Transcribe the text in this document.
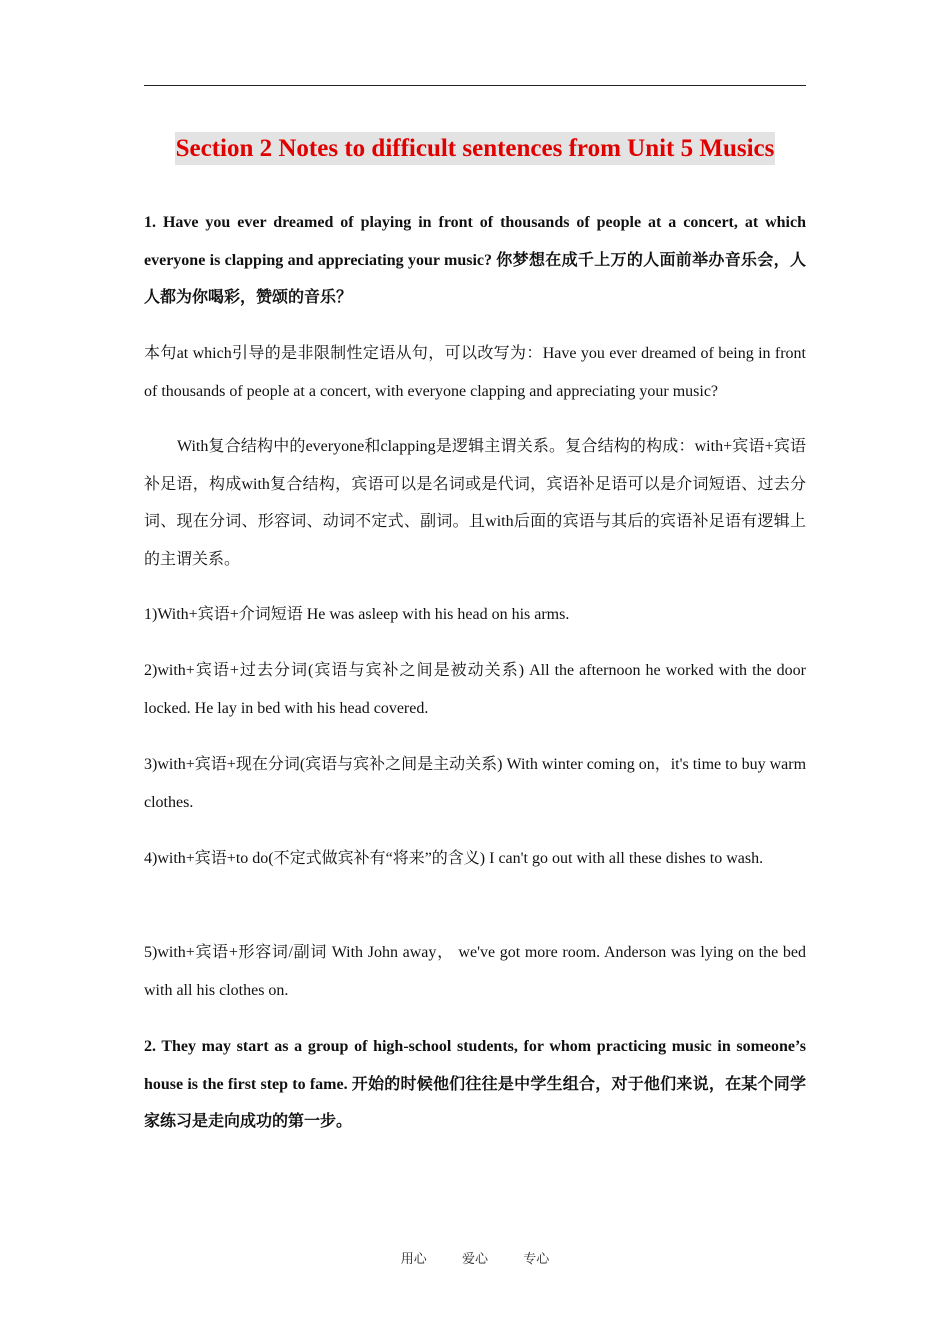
Section 2 Notes to difficult sentences from Unit 5 Musics

1. Have you ever dreamed of playing in front of thousands of people at a concert, at which everyone is clapping and appreciating your music? 你梦想在成千上万的人面前举办音乐会，人人都为你喝彩，赞颂的音乐？

本句at which引导的是非限制性定语从句，可以改写为：Have you ever dreamed of being in front of thousands of people at a concert, with everyone clapping and appreciating your music?

With复合结构中的everyone和clapping是逻辑主谓关系。复合结构的构成：with+宾语+宾语补足语，构成with复合结构，宾语可以是名词或是代词，宾语补足语可以是介词短语、过去分词、现在分词、形容词、动词不定式、副词。且with后面的宾语与其后的宾语补足语有逻辑上的主谓关系。

1)With+宾语+介词短语 He was asleep with his head on his arms.

2)with+宾语+过去分词(宾语与宾补之间是被动关系) All the afternoon he worked with the door locked. He lay in bed with his head covered.

3)with+宾语+现在分词(宾语与宾补之间是主动关系) With winter coming on，it's time to buy warm clothes.

4)with+宾语+to do(不定式做宾补有“将来”的含义) I can't go out with all these dishes to wash.

5)with+宾语+形容词/副词 With John away， we've got more room. Anderson was lying on the bed with all his clothes on.

2. They may start as a group of high-school students, for whom practicing music in someone’s house is the first step to fame. 开始的时候他们往往是中学生组合，对于他们来说，在某个同学家练习是走向成功的第一步。

用心	爱心	专心
